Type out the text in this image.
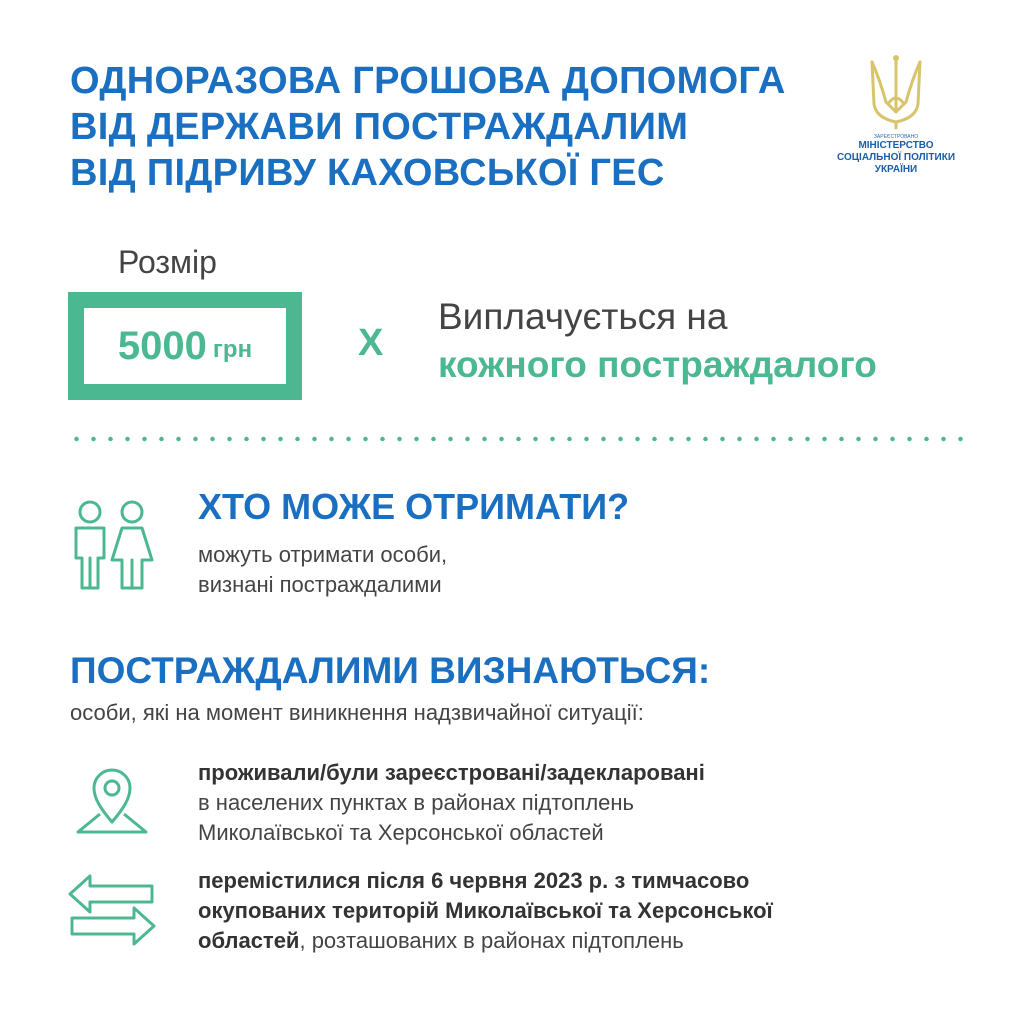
ОДНОРАЗОВА ГРОШОВА ДОПОМОГА
ВІД ДЕРЖАВИ ПОСТРАЖДАЛИМ
ВІД ПІДРИВУ КАХОВСЬКОЇ ГЕС
ЗАРЕЄСТРОВАНО
МІНІСТЕРСТВО
СОЦІАЛЬНОЇ ПОЛІТИКИ
УКРАЇНИ
Розмір
5000 грн	X
Виплачується на
кожного постраждалого
ХТО МОЖЕ ОТРИМАТИ?
можуть отримати особи,
визнані постраждалими
ПОСТРАЖДАЛИМИ ВИЗНАЮТЬСЯ:
особи, які на момент виникнення надзвичайної ситуації:
проживали/були зареєстровані/задекларовані
в населених пунктах в районах підтоплень
Миколаївської та Херсонської областей
перемістилися після 6 червня 2023 р. з тимчасово
окупованих територій Миколаївської та Херсонської
областей, розташованих в районах підтоплень
